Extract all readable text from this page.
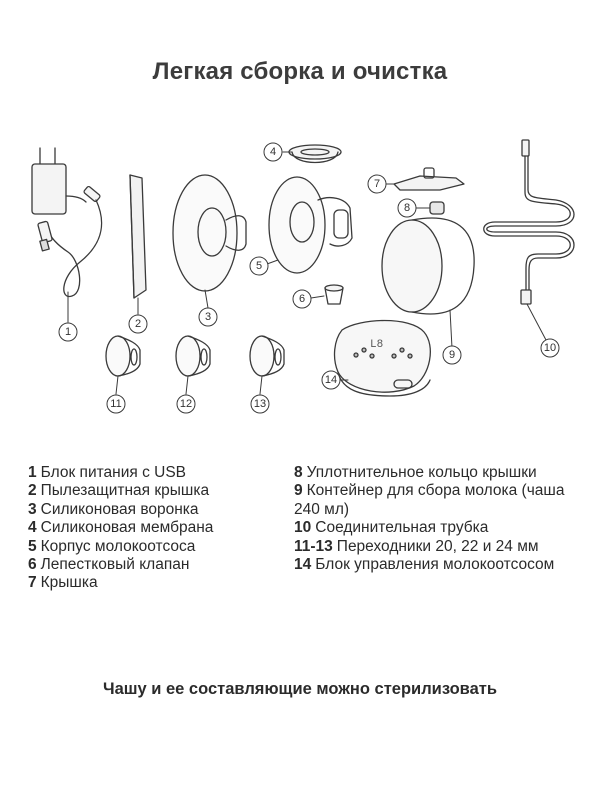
Легкая сборка и очистка
L8
1
2
3
4
5
6
7
8
9
10
11	12	13
14

1 Блок питания с USB

2 Пылезащитная крышка

3 Силиконовая воронка

4 Силиконовая мембрана

5 Корпус молокоотсоса

6 Лепестковый клапан

7 Крышка

8 Уплотнительное кольцо крышки

9 Контейнер для сбора молока (чаша 240 мл)

10 Соединительная трубка

11-13 Переходники 20, 22 и 24 мм

14 Блок управления молокоотсосом

Чашу и ее составляющие можно стерилизовать
